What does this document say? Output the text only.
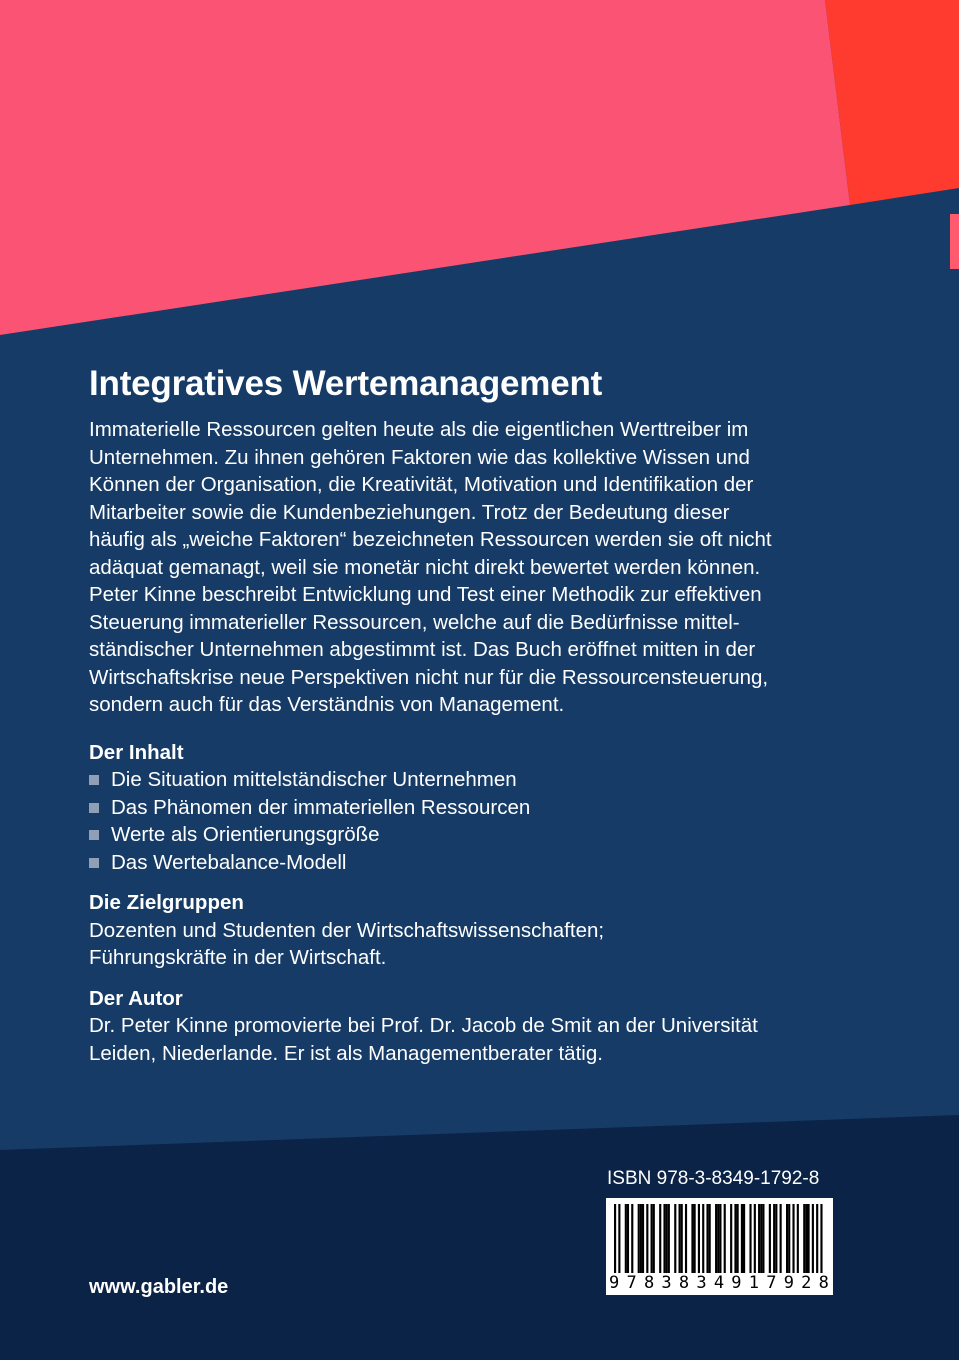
Integratives Wertemanagement
Immaterielle Ressourcen gelten heute als die eigentlichen Werttreiber im
Unternehmen. Zu ihnen gehören Faktoren wie das kollektive Wissen und
Können der Organisation, die Kreativität, Motivation und Identifikation der
Mitarbeiter sowie die Kundenbeziehungen. Trotz der Bedeutung dieser
häufig als „weiche Faktoren“ bezeichneten Ressourcen werden sie oft nicht
adäquat gemanagt, weil sie monetär nicht direkt bewertet werden können.
Peter Kinne beschreibt Entwicklung und Test einer Methodik zur effektiven
Steuerung immaterieller Ressourcen, welche auf die Bedürfnisse mittel-
ständischer Unternehmen abgestimmt ist. Das Buch eröffnet mitten in der
Wirtschaftskrise neue Perspektiven nicht nur für die Ressourcensteuerung,
sondern auch für das Verständnis von Management.
Der Inhalt
Die Situation mittelständischer Unternehmen
Das Phänomen der immateriellen Ressourcen
Werte als Orientierungsgröße
Das Wertebalance-Modell
Die Zielgruppen

Dozenten und Studenten der Wirtschaftswissenschaften;

Führungskräfte in der Wirtschaft.

Der Autor

Dr. Peter Kinne promovierte bei Prof. Dr. Jacob de Smit an der Universität

Leiden, Niederlande. Er ist als Managementberater tätig.

ISBN 978-3-8349-1792-8
9 7 8 3 8 3 4 9 1 7 9 2 8
www.gabler.de
